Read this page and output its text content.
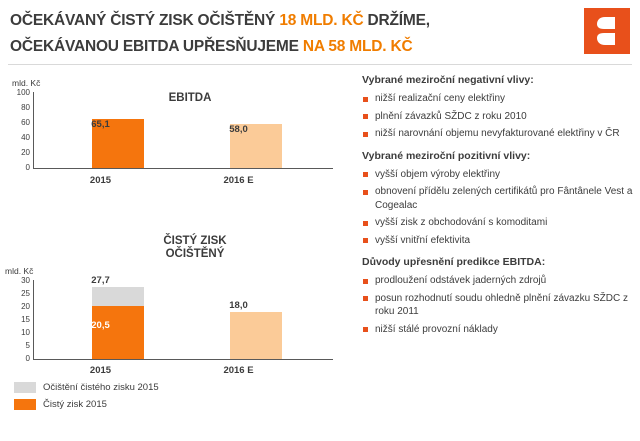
OČEKÁVANÝ ČISTÝ ZISK OČIŠTĚNÝ 18 MLD. KČ DRŽÍME,
OČEKÁVANOU EBITDA UPŘESŇUJEME NA 58 MLD. KČ
mld. Kč
EBITDA
100
80
60
40
20
0
65,1	58,0
2015	2016 E
ČISTÝ ZISK
OČIŠTĚNÝ
mld. Kč
30
25
20
15
10
5
0
27,7
20,5
18,0
2015	2016 E
Očištění čistého zisku 2015
Čistý zisk 2015
Vybrané meziroční negativní vlivy:
nižší realizační ceny elektřiny
plnění závazků SŽDC z roku 2010
nižší narovnání objemu nevyfakturované elektřiny v ČR
Vybrané meziroční pozitivní vlivy:
vyšší objem výroby elektřiny
obnovení přídělu zelených certifikátů pro Fântânele Vest a Cogealac
vyšší zisk z obchodování s komoditami
vyšší vnitřní efektivita
Důvody upřesnění predikce EBITDA:
prodloužení odstávek jaderných zdrojů
posun rozhodnutí soudu ohledně plnění závazku SŽDC z roku 2011
nižší stálé provozní náklady
